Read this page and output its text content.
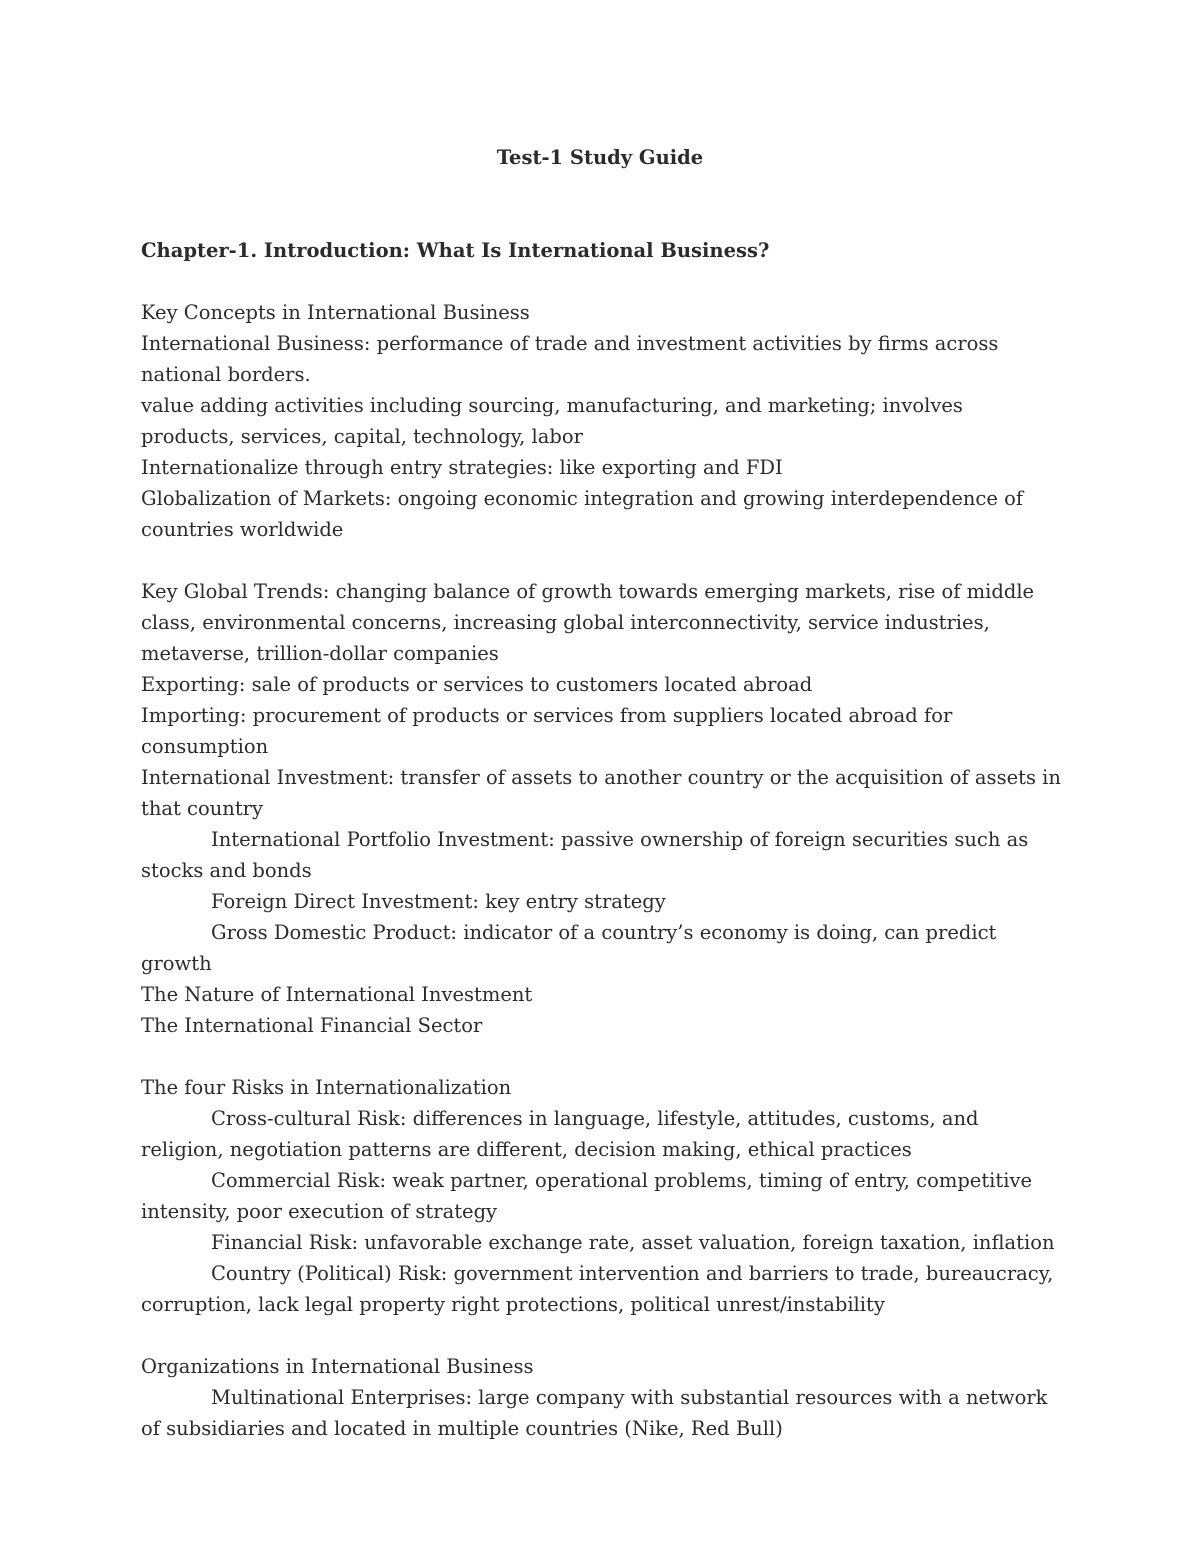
Test-1 Study Guide

Chapter-1. Introduction: What Is International Business?

Key Concepts in International Business

International Business: performance of trade and investment activities by firms across national borders.

value adding activities including sourcing, manufacturing, and marketing; involves products, services, capital, technology, labor

Internationalize through entry strategies: like exporting and FDI

Globalization of Markets: ongoing economic integration and growing interdependence of countries worldwide

Key Global Trends: changing balance of growth towards emerging markets, rise of middle class, environmental concerns, increasing global interconnectivity, service industries, metaverse, trillion-dollar companies

Exporting: sale of products or services to customers located abroad

Importing: procurement of products or services from suppliers located abroad for consumption

International Investment: transfer of assets to another country or the acquisition of assets in that country

International Portfolio Investment: passive ownership of foreign securities such as stocks and bonds

Foreign Direct Investment: key entry strategy

Gross Domestic Product: indicator of a country’s economy is doing, can predict growth

The Nature of International Investment

The International Financial Sector

The four Risks in Internationalization

Cross-cultural Risk: differences in language, lifestyle, attitudes, customs, and religion, negotiation patterns are different, decision making, ethical practices

Commercial Risk: weak partner, operational problems, timing of entry, competitive intensity, poor execution of strategy

Financial Risk: unfavorable exchange rate, asset valuation, foreign taxation, inflation

Country (Political) Risk: government intervention and barriers to trade, bureaucracy, corruption, lack legal property right protections, political unrest/instability

Organizations in International Business

Multinational Enterprises: large company with substantial resources with a network of subsidiaries and located in multiple countries (Nike, Red Bull)
